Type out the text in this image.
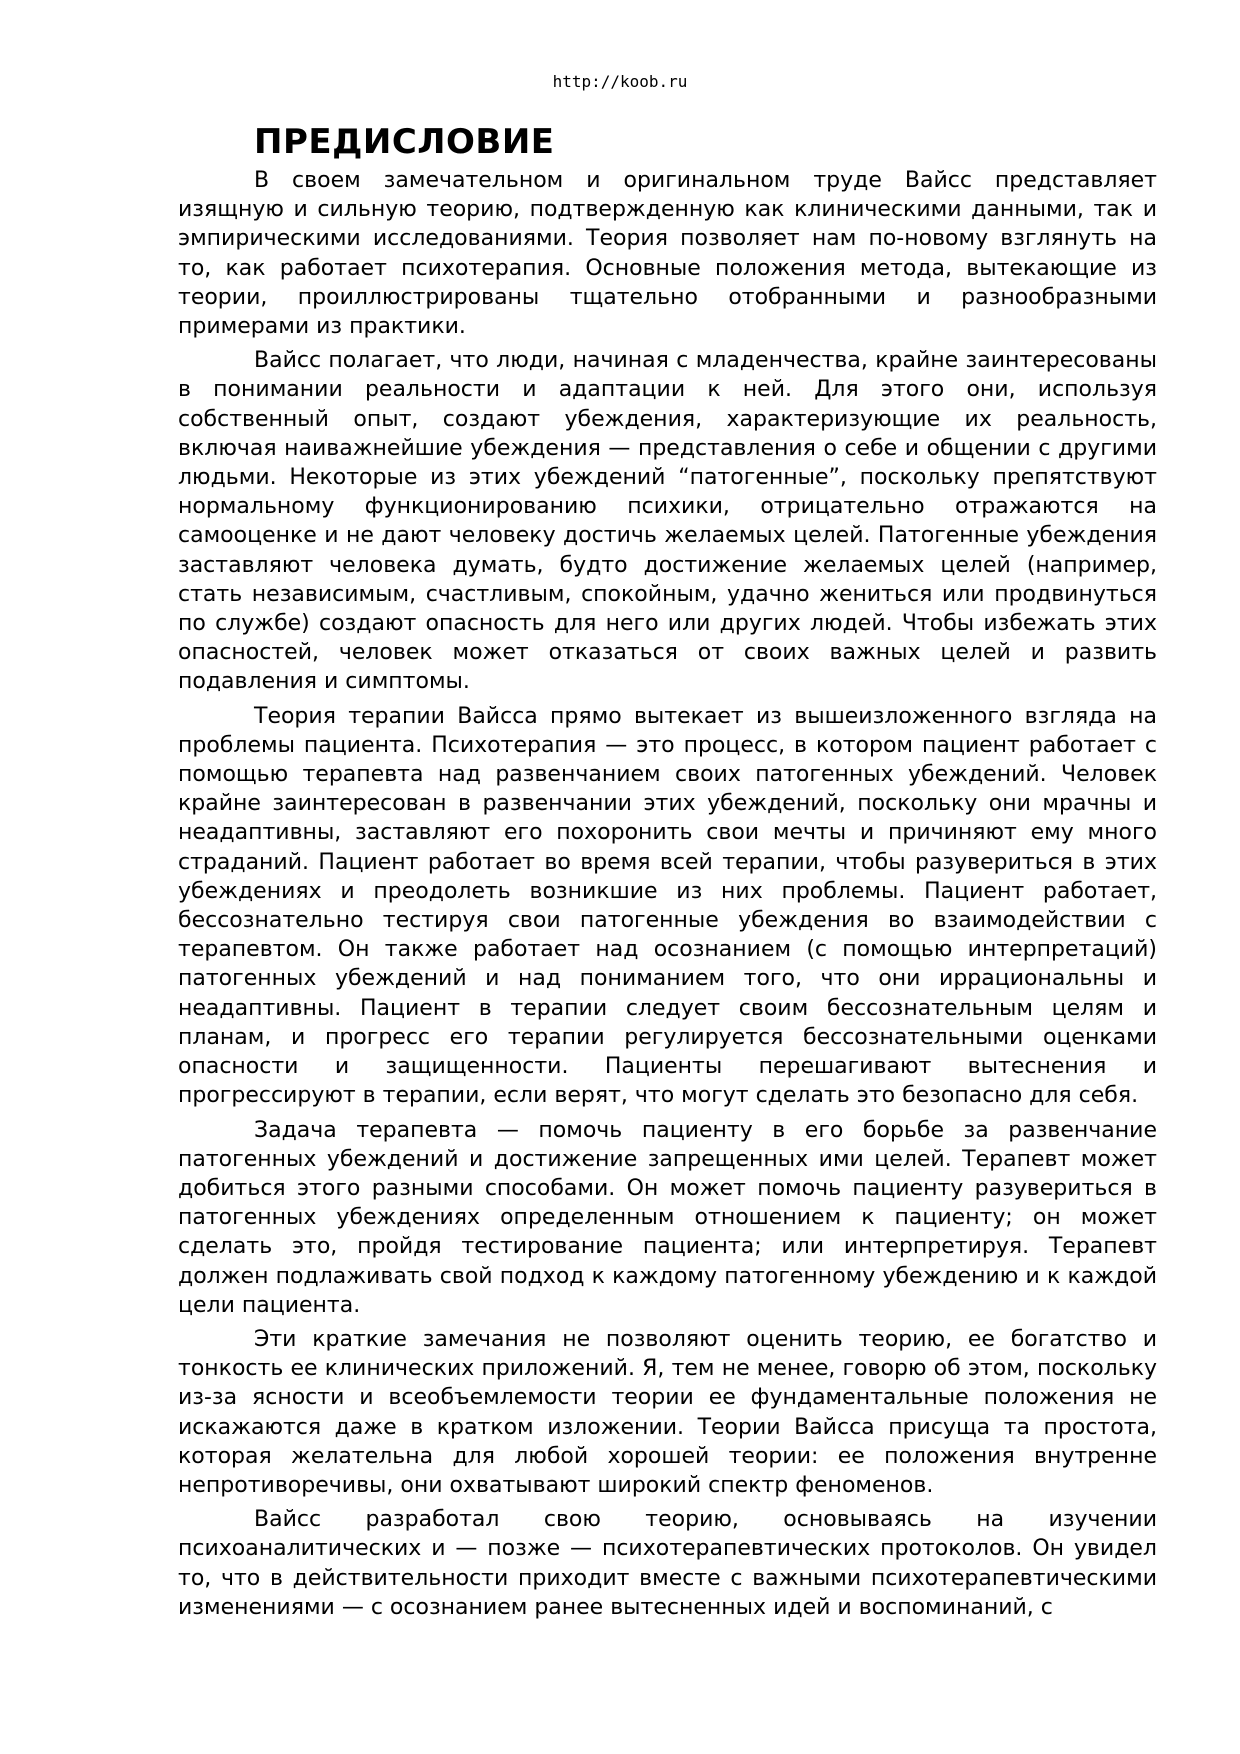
http://koob.ru
ПРЕДИСЛОВИЕ

В своем замечательном и оригинальном труде Вайсс представляет изящную и сильную теорию, подтвержденную как клиническими данными, так и эмпирическими исследованиями. Теория позволяет нам по-новому взглянуть на то, как работает психотерапия. Основные положения метода, вытекающие из теории, проиллюстрированы тщательно отобранными и разнообразными примерами из практики.

Вайсс полагает, что люди, начиная с младенчества, крайне заинтересованы в понимании реальности и адаптации к ней. Для этого они, используя собственный опыт, создают убеждения, характеризующие их реальность, включая наиважнейшие убеждения — представления о себе и общении с другими людьми. Некоторые из этих убеждений “патогенные”, поскольку препятствуют нормальному функционированию психики, отрицательно отражаются на самооценке и не дают человеку достичь желаемых целей. Патогенные убеждения заставляют человека думать, будто достижение желаемых целей (например, стать независимым, счастливым, спокойным, удачно жениться или продвинуться по службе) создают опасность для него или других людей. Чтобы избежать этих опасностей, человек может отказаться от своих важных целей и развить подавления и симптомы.

Теория терапии Вайсса прямо вытекает из вышеизложенного взгляда на проблемы пациента. Психотерапия — это процесс, в котором пациент работает с помощью терапевта над развенчанием своих патогенных убеждений. Человек крайне заинтересован в развенчании этих убеждений, поскольку они мрачны и неадаптивны, заставляют его похоронить свои мечты и причиняют ему много страданий. Пациент работает во время всей терапии, чтобы разувериться в этих убеждениях и преодолеть возникшие из них проблемы. Пациент работает, бессознательно тестируя свои патогенные убеждения во взаимодействии с терапевтом. Он также работает над осознанием (с помощью интерпретаций) патогенных убеждений и над пониманием того, что они иррациональны и неадаптивны. Пациент в терапии следует своим бессознательным целям и планам, и прогресс его терапии регулируется бессознательными оценками опасности и защищенности. Пациенты перешагивают вытеснения и прогрессируют в терапии, если верят, что могут сделать это безопасно для себя.

Задача терапевта — помочь пациенту в его борьбе за развенчание патогенных убеждений и достижение запрещенных ими целей. Терапевт может добиться этого разными способами. Он может помочь пациенту разувериться в патогенных убеждениях определенным отношением к пациенту; он может сделать это, пройдя тестирование пациента; или интерпретируя. Терапевт должен подлаживать свой подход к каждому патогенному убеждению и к каждой цели пациента.

Эти краткие замечания не позволяют оценить теорию, ее богатство и тонкость ее клинических приложений. Я, тем не менее, говорю об этом, поскольку из-за ясности и всеобъемлемости теории ее фундаментальные положения не искажаются даже в кратком изложении. Теории Вайсса присуща та простота, которая желательна для любой хорошей теории: ее положения внутренне непротиворечивы, они охватывают широкий спектр феноменов.

Вайсс разработал свою теорию, основываясь на изучении психоаналитических и — позже — психотерапевтических протоколов. Он увидел то, что в действительности приходит вместе с важными психотерапевтическими изменениями — с осознанием ранее вытесненных идей и воспоминаний, с
